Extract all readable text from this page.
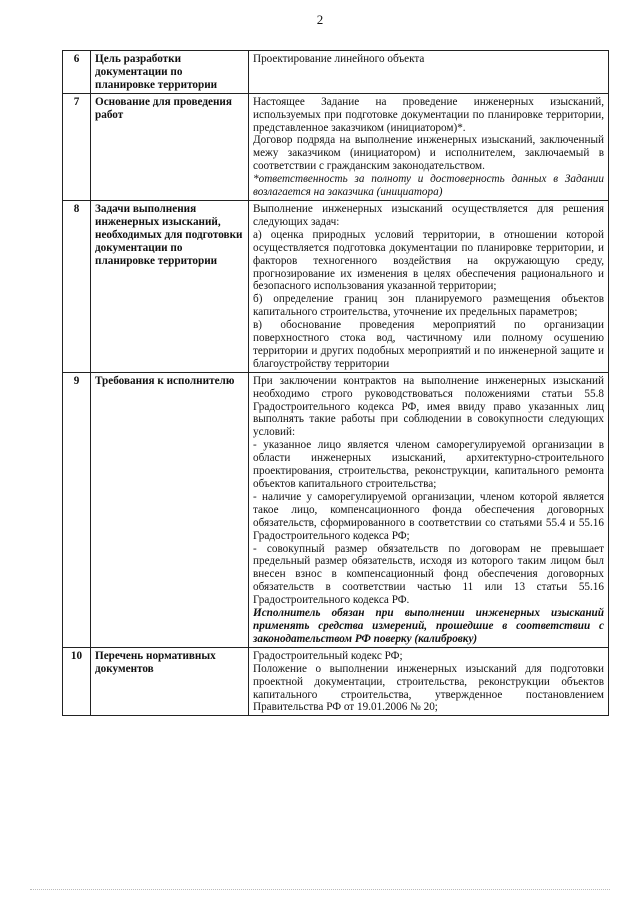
2
6	Цель разработки документации по планировке территории	Проектирование линейного объекта

7	Основание для проведения работ	Настоящее Задание на проведение инженерных изысканий, используемых при подготовке документации по планировке территории, представленное заказчиком (инициатором)*.

Договор подряда на выполнение инженерных изысканий, заключенный межу заказчиком (инициатором) и исполнителем, заключаемый в соответствии с гражданским законодательством.

*ответственность за полноту и достоверность данных в Задании возлагается на заказчика (инициатора)

8	Задачи выполнения инженерных изысканий, необходимых для подготовки документации по планировке территории	Выполнение инженерных изысканий осуществляется для решения следующих задач:

а) оценка природных условий территории, в отношении которой осуществляется подготовка документации по планировке территории, и факторов техногенного воздействия на окружающую среду, прогнозирование их изменения в целях обеспечения рационального и безопасного использования указанной территории;

б) определение границ зон планируемого размещения объектов капитального строительства, уточнение их предельных параметров;

в) обоснование проведения мероприятий по организации поверхностного стока вод, частичному или полному осушению территории и других подобных мероприятий и по инженерной защите и благоустройству территории

9	Требования к исполнителю	При заключении контрактов на выполнение инженерных изысканий необходимо строго руководствоваться положениями статьи 55.8 Градостроительного кодекса РФ, имея ввиду право указанных лиц выполнять такие работы при соблюдении в совокупности следующих условий:

- указанное лицо является членом саморегулируемой организации в области инженерных изысканий, архитектурно-строительного проектирования, строительства, реконструкции, капитального ремонта объектов капитального строительства;

- наличие у саморегулируемой организации, членом которой является такое лицо, компенсационного фонда обеспечения договорных обязательств, сформированного в соответствии со статьями 55.4 и 55.16 Градостроительного кодекса РФ;

- совокупный размер обязательств по договорам не превышает предельный размер обязательств, исходя из которого таким лицом был внесен взнос в компенсационный фонд обеспечения договорных обязательств в соответствии частью 11 или 13 статьи 55.16 Градостроительного кодекса РФ.

Исполнитель обязан при выполнении инженерных изысканий применять средства измерений, прошедшие в соответствии с законодательством РФ поверку (калибровку)

10	Перечень нормативных документов	Градостроительный кодекс РФ;

Положение о выполнении инженерных изысканий для подготовки проектной документации, строительства, реконструкции объектов капитального строительства, утвержденное постановлением Правительства РФ от 19.01.2006 № 20;
